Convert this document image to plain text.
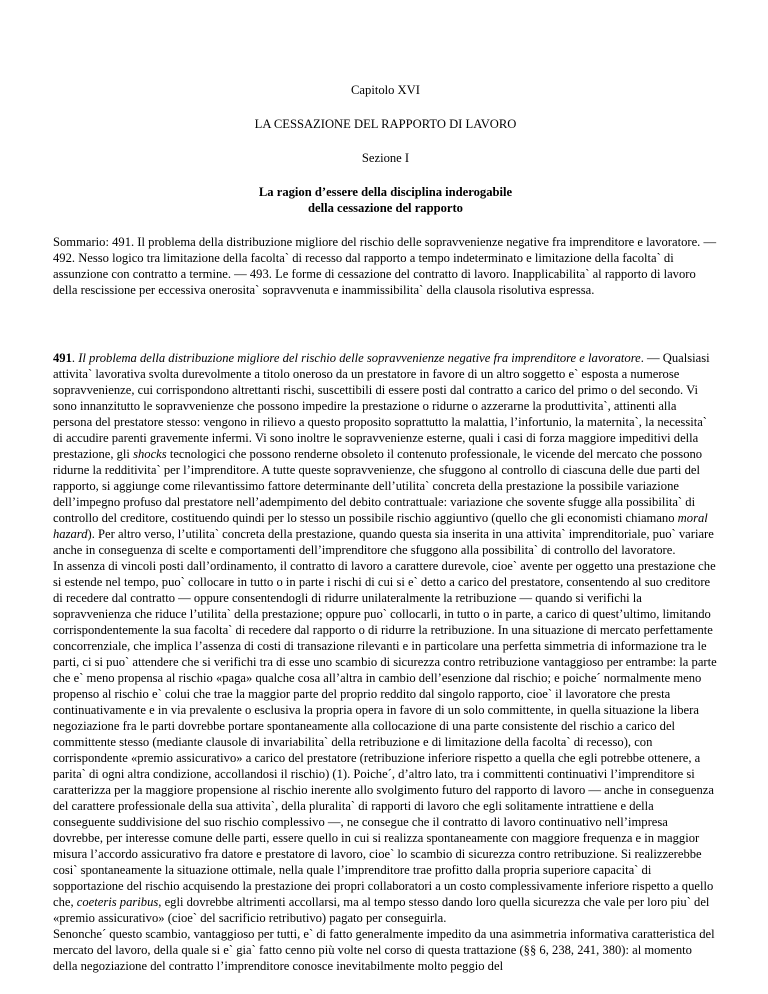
Capitolo XVI
LA CESSAZIONE DEL RAPPORTO DI LAVORO
Sezione I
La ragion d’essere della disciplina inderogabile
della cessazione del rapporto

Sommario: 491. Il problema della distribuzione migliore del rischio delle sopravvenienze negative fra imprenditore e lavoratore. — 492. Nesso logico tra limitazione della facolta` di recesso dal rapporto a tempo indeterminato e limitazione della facolta` di assunzione con contratto a termine. — 493. Le forme di cessazione del contratto di lavoro. Inapplicabilita` al rapporto di lavoro della rescissione per eccessiva onerosita` sopravvenuta e inammissibilita` della clausola risolutiva espressa.

491. Il problema della distribuzione migliore del rischio delle sopravvenienze negative fra imprenditore e lavoratore. — Qualsiasi attivita` lavorativa svolta durevolmente a titolo oneroso da un prestatore in favore di un altro soggetto e` esposta a numerose sopravvenienze, cui corrispondono altrettanti rischi, suscettibili di essere posti dal contratto a carico del primo o del secondo. Vi sono innanzitutto le sopravvenienze che possono impedire la prestazione o ridurne o azzerarne la produttivita`, attinenti alla persona del prestatore stesso: vengono in rilievo a questo proposito soprattutto la malattia, l’infortunio, la maternita`, la necessita` di accudire parenti gravemente infermi. Vi sono inoltre le sopravvenienze esterne, quali i casi di forza maggiore impeditivi della prestazione, gli shocks tecnologici che possono renderne obsoleto il contenuto professionale, le vicende del mercato che possono ridurne la redditivita` per l’imprenditore. A tutte queste sopravvenienze, che sfuggono al controllo di ciascuna delle due parti del rapporto, si aggiunge come rilevantissimo fattore determinante dell’utilita` concreta della prestazione la possibile variazione dell’impegno profuso dal prestatore nell’adempimento del debito contrattuale: variazione che sovente sfugge alla possibilita` di controllo del creditore, costituendo quindi per lo stesso un possibile rischio aggiuntivo (quello che gli economisti chiamano moral hazard). Per altro verso, l’utilita` concreta della prestazione, quando questa sia inserita in una attivita` imprenditoriale, puo` variare anche in conseguenza di scelte e comportamenti dell’imprenditore che sfuggono alla possibilita` di controllo del lavoratore.

In assenza di vincoli posti dall’ordinamento, il contratto di lavoro a carattere durevole, cioe` avente per oggetto una prestazione che si estende nel tempo, puo` collocare in tutto o in parte i rischi di cui si e` detto a carico del prestatore, consentendo al suo creditore di recedere dal contratto — oppure consentendogli di ridurre unilateralmente la retribuzione — quando si verifichi la sopravvenienza che riduce l’utilita` della prestazione; oppure puo` collocarli, in tutto o in parte, a carico di quest’ultimo, limitando corrispondentemente la sua facolta` di recedere dal rapporto o di ridurre la retribuzione. In una situazione di mercato perfettamente concorrenziale, che implica l’assenza di costi di transazione rilevanti e in particolare una perfetta simmetria di informazione tra le parti, ci si puo` attendere che si verifichi tra di esse uno scambio di sicurezza contro retribuzione vantaggioso per entrambe: la parte che e` meno propensa al rischio «paga» qualche cosa all’altra in cambio dell’esenzione dal rischio; e poiche´ normalmente meno propenso al rischio e` colui che trae la maggior parte del proprio reddito dal singolo rapporto, cioe` il lavoratore che presta continuativamente e in via prevalente o esclusiva la propria opera in favore di un solo committente, in quella situazione la libera negoziazione fra le parti dovrebbe portare spontaneamente alla collocazione di una parte consistente del rischio a carico del committente stesso (mediante clausole di invariabilita` della retribuzione e di limitazione della facolta` di recesso), con corrispondente «premio assicurativo» a carico del prestatore (retribuzione inferiore rispetto a quella che egli potrebbe ottenere, a parita` di ogni altra condizione, accollandosi il rischio) (1). Poiche´, d’altro lato, tra i committenti continuativi l’imprenditore si caratterizza per la maggiore propensione al rischio inerente allo svolgimento futuro del rapporto di lavoro — anche in conseguenza del carattere professionale della sua attivita`, della pluralita` di rapporti di lavoro che egli solitamente intrattiene e della conseguente suddivisione del suo rischio complessivo —, ne consegue che il contratto di lavoro continuativo nell’impresa dovrebbe, per interesse comune delle parti, essere quello in cui si realizza spontaneamente con maggiore frequenza e in maggior misura l’accordo assicurativo fra datore e prestatore di lavoro, cioe` lo scambio di sicurezza contro retribuzione. Si realizzerebbe cosi` spontaneamente la situazione ottimale, nella quale l’imprenditore trae profitto dalla propria superiore capacita` di sopportazione del rischio acquisendo la prestazione dei propri collaboratori a un costo complessivamente inferiore rispetto a quello che, coeteris paribus, egli dovrebbe altrimenti accollarsi, ma al tempo stesso dando loro quella sicurezza che vale per loro piu` del «premio assicurativo» (cioe` del sacrificio retributivo) pagato per conseguirla.

Senonche´ questo scambio, vantaggioso per tutti, e` di fatto generalmente impedito da una asimmetria informativa caratteristica del mercato del lavoro, della quale si e` gia` fatto cenno più volte nel corso di questa trattazione (§§ 6, 238, 241, 380): al momento della negoziazione del contratto l’imprenditore conosce inevitabilmente molto peggio del
